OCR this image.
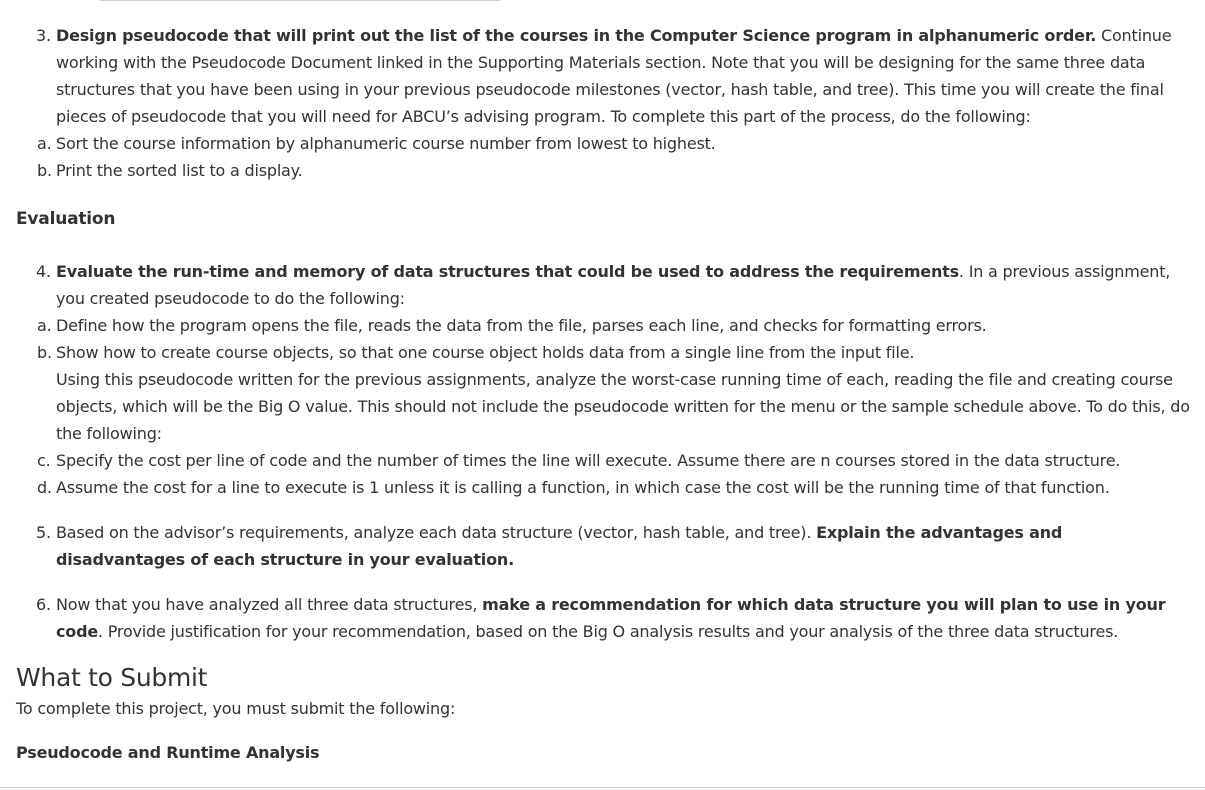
3. Design pseudocode that will print out the list of the courses in the Computer Science program in alphanumeric order. Continue working with the Pseudocode Document linked in the Supporting Materials section. Note that you will be designing for the same three data structures that you have been using in your previous pseudocode milestones (vector, hash table, and tree). This time you will create the final pieces of pseudocode that you will need for ABCU’s advising program. To complete this part of the process, do the following:
a. Sort the course information by alphanumeric course number from lowest to highest.
b. Print the sorted list to a display.
Evaluation
4. Evaluate the run-time and memory of data structures that could be used to address the requirements. In a previous assignment, you created pseudocode to do the following:
a. Define how the program opens the file, reads the data from the file, parses each line, and checks for formatting errors.
b. Show how to create course objects, so that one course object holds data from a single line from the input file.
Using this pseudocode written for the previous assignments, analyze the worst-case running time of each, reading the file and creating course objects, which will be the Big O value. This should not include the pseudocode written for the menu or the sample schedule above. To do this, do the following:
c. Specify the cost per line of code and the number of times the line will execute. Assume there are n courses stored in the data structure.
d. Assume the cost for a line to execute is 1 unless it is calling a function, in which case the cost will be the running time of that function.
5. Based on the advisor’s requirements, analyze each data structure (vector, hash table, and tree). Explain the advantages and disadvantages of each structure in your evaluation.
6. Now that you have analyzed all three data structures, make a recommendation for which data structure you will plan to use in your code. Provide justification for your recommendation, based on the Big O analysis results and your analysis of the three data structures.
What to Submit
To complete this project, you must submit the following:
Pseudocode and Runtime Analysis
